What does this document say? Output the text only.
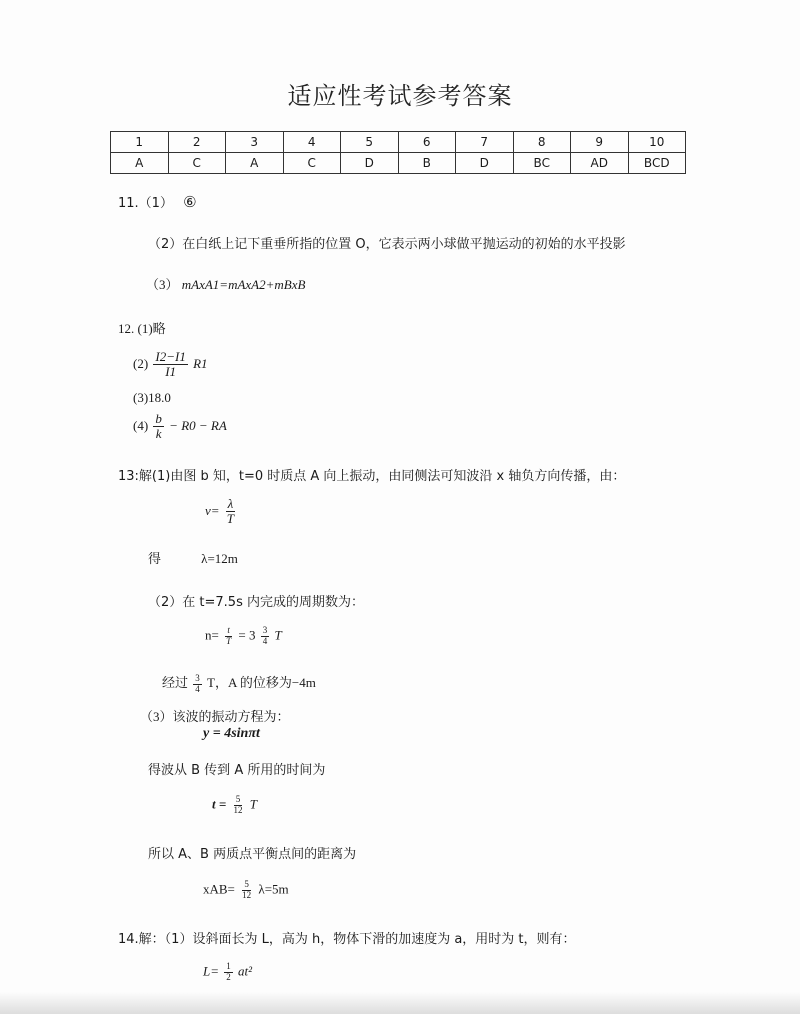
适应性考试参考答案
1	2	3	4	5	6	7	8	9	10
A	C	A	C	D	B	D	BC	AD	BCD
11.（1） ⑥
（2）在白纸上记下重垂所指的位置 O，它表示两小球做平抛运动的初始的水平投影
（3） mAxA1=mAxA2+mBxB
12. (1)略
$(2) \frac{I2-I1}{I1} R1$
(3)18.0
$(4) \frac{b}{k} - R0$ − RA
13:解(1)由图 b 知，t=0 时质点 A 向上振动，由同侧法可知波沿 x 轴负方向传播，由：
$v= \frac{\lambda}{T}$
得	λ=12m
（2）在 t=7.5s 内完成的周期数为：
$n= \frac{t}{T} = 3 \frac{3}{4}$ T
经过 $\frac{3}{4}$ T，A 的位移为−4m
（3）该波的振动方程为：
y = 4sinπt
得波从 B 传到 A 所用的时间为
$t = \frac{5}{12}$ T
所以 A、B 两质点平衡点间的距离为
$xAB= \frac{5}{12} \lambda=5m$
14.解：（1）设斜面长为 L，高为 h，物体下滑的加速度为 a，用时为 t，则有：
$L= \frac{1}{2} at^2$
